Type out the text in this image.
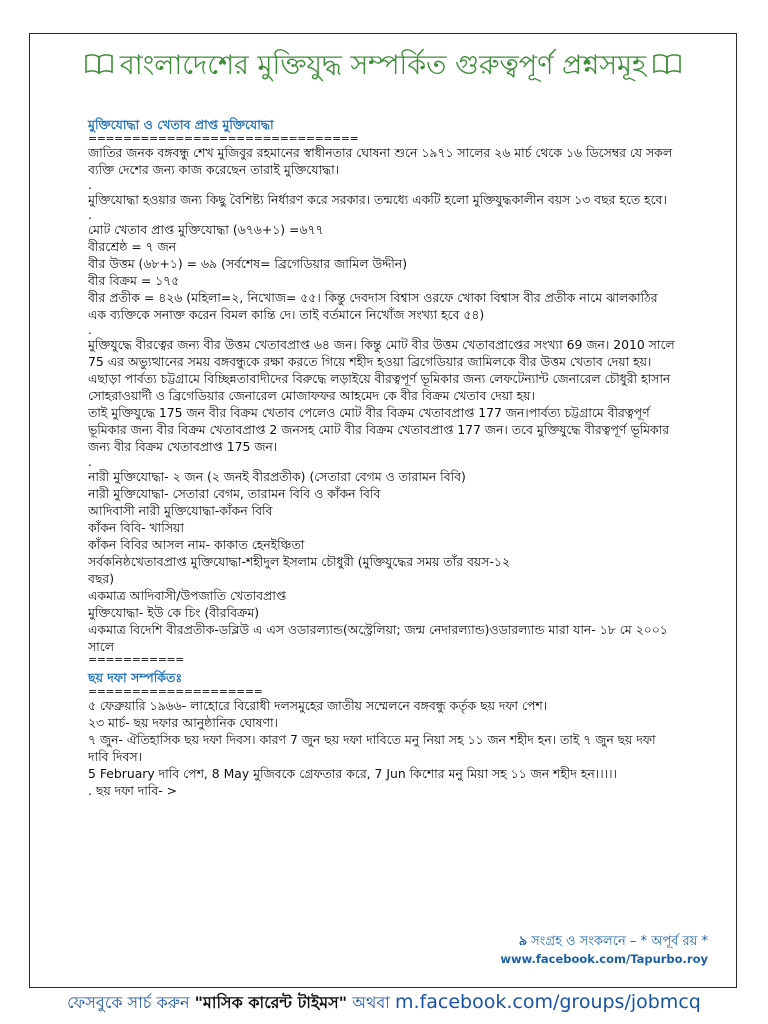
বাংলাদেশের মুক্তিযুদ্ধ সম্পর্কিত গুরুত্বপূর্ণ প্রশ্নসমূহ

মুক্তিযোদ্ধা ও খেতাব প্রাপ্ত মুক্তিযোদ্ধা

===============================

জাতির জনক বঙ্গবন্ধু শেখ মুজিবুর রহমানের স্বাধীনতার ঘোষনা শুনে ১৯৭১ সালের ২৬ মার্চ থেকে ১৬ ডিসেম্বর যে সকল ব্যক্তি দেশের জন্য কাজ করেছেন তারাই মুক্তিযোদ্ধা।

.

মুক্তিযোদ্ধা হওয়ার জন্য কিছু বৈশিষ্ট্য নির্ধারণ করে সরকার। তন্মধ্যে একটি হলো মুক্তিযুদ্ধকালীন বয়স ১৩ বছর হতে হবে।

.

মোট খেতাব প্রাপ্ত মুক্তিযোদ্ধা (৬৭৬+১) =৬৭৭

বীরশ্রেষ্ঠ = ৭ জন

বীর উত্তম (৬৮+১) = ৬৯ (সর্বশেষ= ব্রিগেডিয়ার জামিল উদ্দীন)

বীর বিক্রম = ১৭৫

বীর প্রতীক = ৪২৬ (মহিলা=২, নিখোজ= ৫৫। কিন্তু দেবদাস বিশ্বাস ওরফে খোকা বিশ্বাস বীর প্রতীক নামে ঝালকাঠির এক ব্যক্তিকে সনাক্ত করেন বিমল কান্তি দে। তাই বর্তমানে নিখোঁজ সংখ্যা হবে ৫৪)

.

মুক্তিযুদ্ধে বীরত্বের জন্য বীর উত্তম খেতাবপ্রাপ্ত ৬৪ জন। কিন্তু মোট বীর উত্তম খেতাবপ্রাপ্তের সংখ্যা 69 জন। 2010 সালে 75 এর অভ্যুত্থানের সময় বঙ্গবন্ধুকে রক্ষা করতে গিয়ে শহীদ হওয়া ব্রিগেডিয়ার জামিলকে বীর উত্তম খেতাব দেয়া হয়। এছাড়া পার্বত্য চট্টগ্রামে বিচ্ছিন্নতাবাদীদের বিরুদ্ধে লড়াইয়ে বীরত্বপূর্ণ ভূমিকার জন্য লেফটেন্যান্ট জেনারেল চৌধুরী হাসান সোহরাওয়ার্দী ও ব্রিগেডিয়ার জেনারেল মোজাফফর আহমেদ কে বীর বিক্রম খেতাব দেয়া হয়।

তাই মুক্তিযুদ্ধে 175 জন বীর বিক্রম খেতাব পেলেও মোট বীর বিক্রম খেতাবপ্রাপ্ত 177 জন।পার্বত্য চট্টগ্রামে বীরত্বপূর্ণ ভূমিকার জন্য বীর বিক্রম খেতাবপ্রাপ্ত 2 জনসহ মোট বীর বিক্রম খেতাবপ্রাপ্ত 177 জন। তবে মুক্তিযুদ্ধে বীরত্বপূর্ণ ভূমিকার জন্য বীর বিক্রম খেতাবপ্রাপ্ত 175 জন।

.

নারী মুক্তিযোদ্ধা- ২ জন (২ জনই বীরপ্রতীক) (সেতারা বেগম ও তারামন বিবি)

নারী মুক্তিযোদ্ধা- সেতারা বেগম, তারামন বিবি ও কাঁকন বিবি

আদিবাসী নারী মুক্তিযোদ্ধা-কাঁকন বিবি

কাঁকন বিবি- খাসিয়া

কাঁকন বিবির আসল নাম- কাকাত হেনইঞ্চিতা

সর্বকনিষ্ঠখেতাবপ্রাপ্ত মুক্তিযোদ্ধা-শহীদুল ইসলাম চৌধুরী (মুক্তিযুদ্ধের সময় তাঁর বয়স-১২ বছর)

একমাত্র আদিবাসী/উপজাতি খেতাবপ্রাপ্ত

মুক্তিযোদ্ধা- ইউ কে চিং (বীরবিক্রম)

একমাত্র বিদেশি বীরপ্রতীক-ডব্লিউ এ এস ওডারল্যান্ড(অস্ট্রেলিয়া; জন্ম নেদারল্যান্ড)ওডারল্যান্ড মারা যান- ১৮ মে ২০০১ সালে

===========

ছয় দফা সম্পর্কিতঃ

====================

৫ ফেব্রুয়ারি ১৯৬৬- লাহোরে বিরোধী দলসমুহের জাতীয় সম্মেলনে বঙ্গবন্ধু কর্তৃক ছয় দফা পেশ।

২৩ মার্চ- ছয় দফার আনুষ্ঠানিক ঘোষণা।

৭ জুন- ঐতিহাসিক ছয় দফা দিবস। কারণ 7 জুন ছয় দফা দাবিতে মনু নিয়া সহ ১১ জন শহীদ হন। তাই ৭ জুন ছয় দফা দাবি দিবস।

5 February দাবি পেশ, 8 May মুজিবকে গ্রেফতার করে, 7 Jun কিশোর মনু মিয়া সহ ১১ জন শহীদ হন।।।।।

. ছয় দফা দাবি- >

৯ সংগ্রহ ও সংকলনে – * অপূর্ব রয় *
www.facebook.com/Tapurbo.roy
ফেসবুকে সার্চ করুন "মাসিক কারেন্ট টাইমস" অথবা m.facebook.com/groups/jobmcq
